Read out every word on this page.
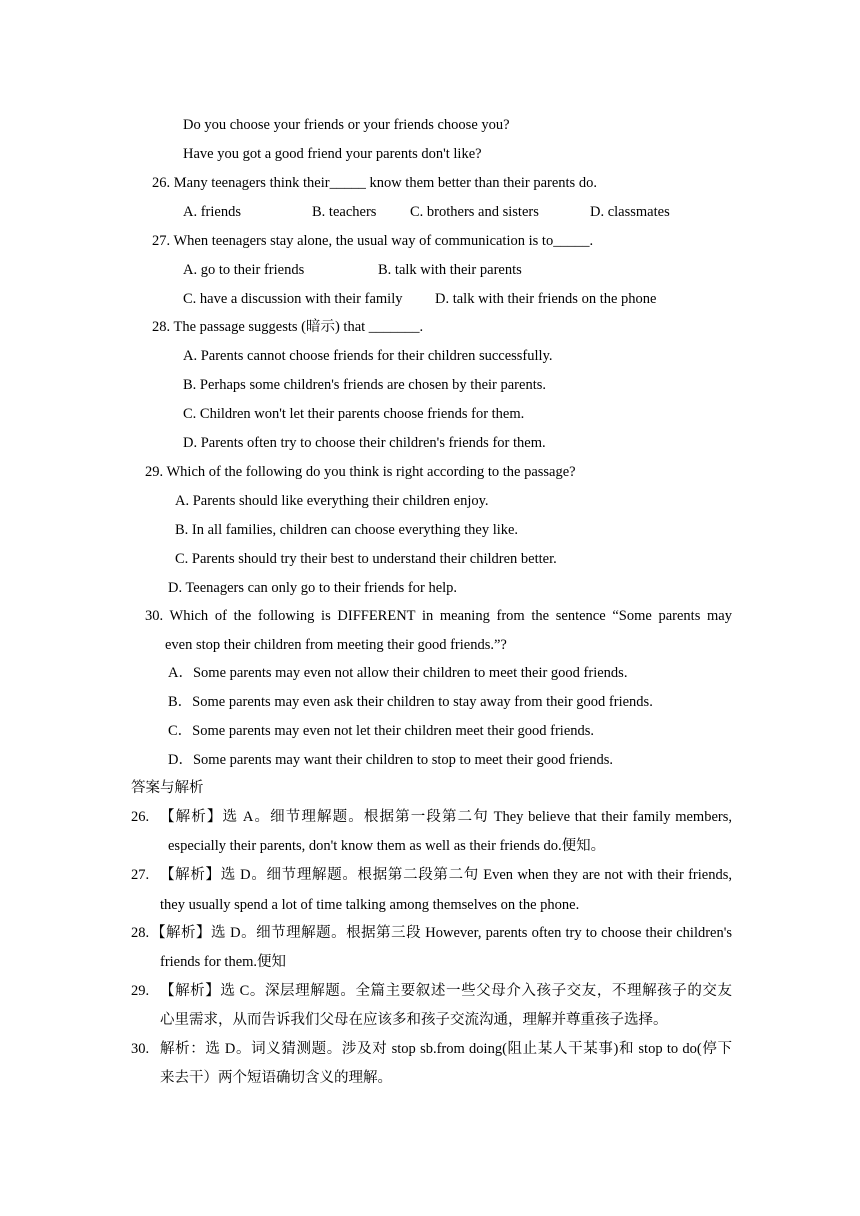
Do you choose your friends or your friends choose you?
Have you got a good friend your parents don't like?
26. Many teenagers think their_____ know them better than their parents do.
A. friends	B. teachers C. brothers and sisters	D. classmates
27. When teenagers stay alone, the usual way of communication is to_____.
A. go to their friends	B. talk with their parents
C. have a discussion with their family D. talk with their friends on the phone
28. The passage suggests (暗示) that _______.
A. Parents cannot choose friends for their children successfully.
B. Perhaps some children's friends are chosen by their parents.
C. Children won't let their parents choose friends for them.
D. Parents often try to choose their children's friends for them.
29. Which of the following do you think is right according to the passage?
A. Parents should like everything their children enjoy.
B. In all families, children can choose everything they like.
C. Parents should try their best to understand their children better.
D. Teenagers can only go to their friends for help.
30. Which of the following is DIFFERENT in meaning from the sentence “Some parents may
even stop their children from meeting their good friends.”?
A．Some parents may even not allow their children to meet their good friends.
B．Some parents may even ask their children to stay away from their good friends.
C．Some parents may even not let their children meet their good friends.
D．Some parents may want their children to stop to meet their good friends.
答案与解析
26. 【解析】选 A。细节理解题。根据第一段第二句 They believe that their family members,
especially their parents, don't know them as well as their friends do.便知。
27. 【解析】选 D。细节理解题。根据第二段第二句 Even when they are not with their friends,
they usually spend a lot of time talking among themselves on the phone.
28. 【解析】选 D。细节理解题。根据第三段 However, parents often try to choose their children's
friends for them.便知
29. 【解析】选 C。深层理解题。全篇主要叙述一些父母介入孩子交友，不理解孩子的交友
心里需求，从而告诉我们父母在应该多和孩子交流沟通，理解并尊重孩子选择。
30. 解析：选 D。词义猜测题。涉及对 stop sb.from doing(阻止某人干某事)和 stop to do(停下
来去干）两个短语确切含义的理解。
